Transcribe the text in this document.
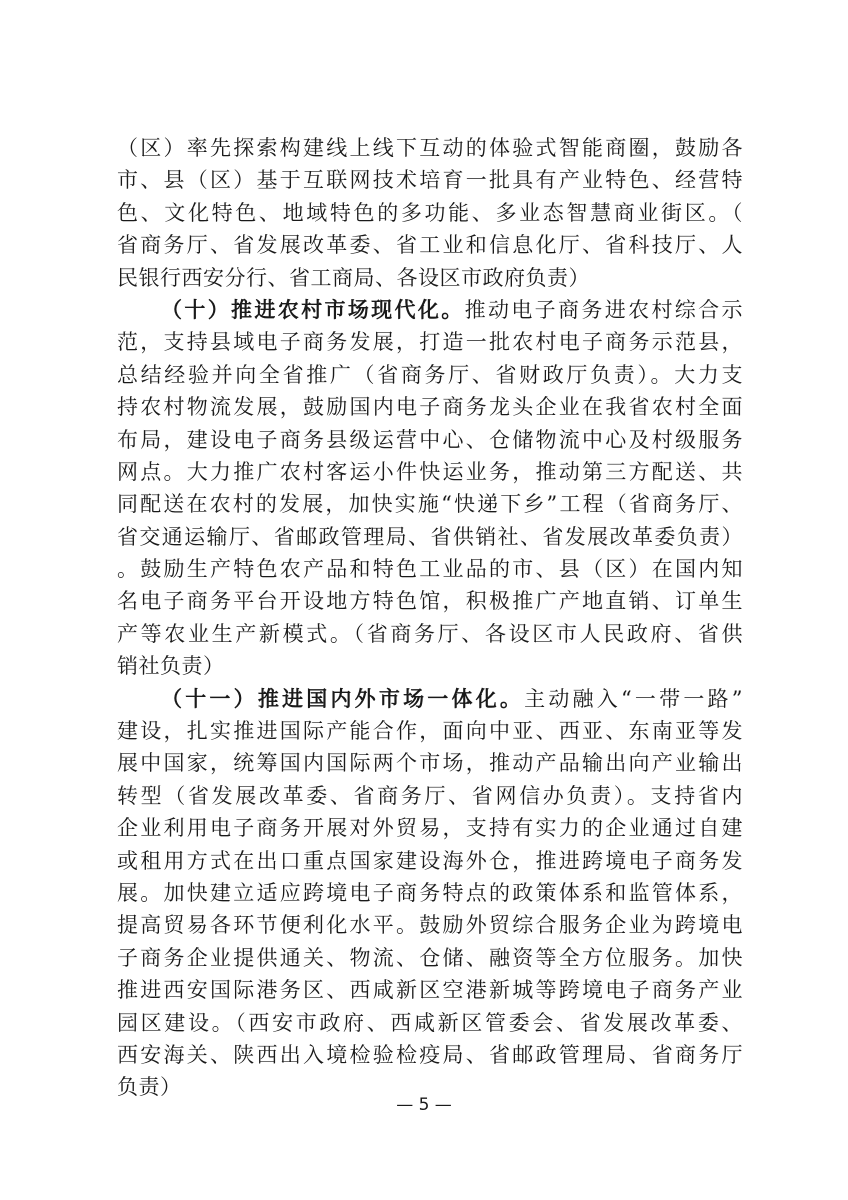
（区）率先探索构建线上线下互动的体验式智能商圈，鼓励各
市、县（区）基于互联网技术培育一批具有产业特色、经营特
色、文化特色、地域特色的多功能、多业态智慧商业街区。（
省商务厅、省发展改革委、省工业和信息化厅、省科技厅、人
民银行西安分行、省工商局、各设区市政府负责）
（十）推进农村市场现代化。推动电子商务进农村综合示
范，支持县域电子商务发展，打造一批农村电子商务示范县，
总结经验并向全省推广（省商务厅、省财政厅负责）。大力支
持农村物流发展，鼓励国内电子商务龙头企业在我省农村全面
布局，建设电子商务县级运营中心、仓储物流中心及村级服务
网点。大力推广农村客运小件快运业务，推动第三方配送、共
同配送在农村的发展，加快实施“快递下乡”工程（省商务厅、
省交通运输厅、省邮政管理局、省供销社、省发展改革委负责）
。鼓励生产特色农产品和特色工业品的市、县（区）在国内知
名电子商务平台开设地方特色馆，积极推广产地直销、订单生
产等农业生产新模式。（省商务厅、各设区市人民政府、省供
销社负责）
（十一）推进国内外市场一体化。主动融入“一带一路”
建设，扎实推进国际产能合作，面向中亚、西亚、东南亚等发
展中国家，统筹国内国际两个市场，推动产品输出向产业输出
转型（省发展改革委、省商务厅、省网信办负责）。支持省内
企业利用电子商务开展对外贸易，支持有实力的企业通过自建
或租用方式在出口重点国家建设海外仓，推进跨境电子商务发
展。加快建立适应跨境电子商务特点的政策体系和监管体系，
提高贸易各环节便利化水平。鼓励外贸综合服务企业为跨境电
子商务企业提供通关、物流、仓储、融资等全方位服务。加快
推进西安国际港务区、西咸新区空港新城等跨境电子商务产业
园区建设。（西安市政府、西咸新区管委会、省发展改革委、
西安海关、陕西出入境检验检疫局、省邮政管理局、省商务厅
负责）
— 5 —
